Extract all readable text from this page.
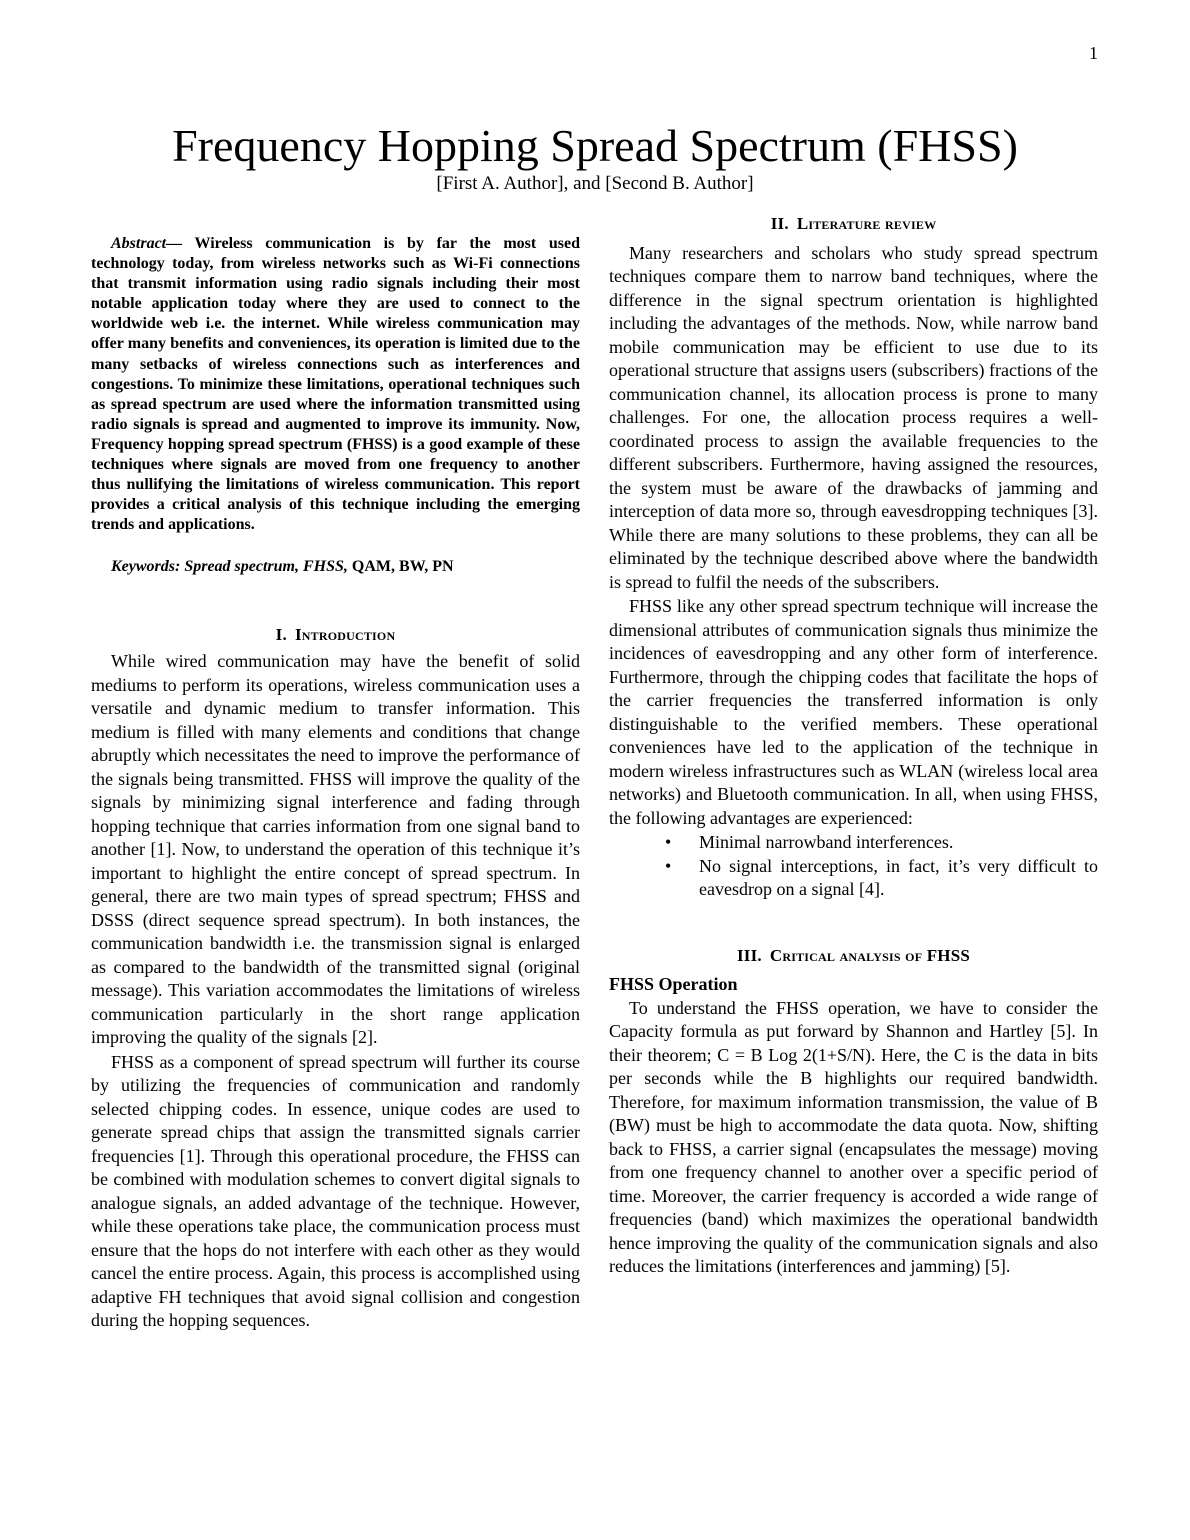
1
Frequency Hopping Spread Spectrum (FHSS)
[First A. Author], and [Second B. Author]

Abstract— Wireless communication is by far the most used technology today, from wireless networks such as Wi-Fi connections that transmit information using radio signals including their most notable application today where they are used to connect to the worldwide web i.e. the internet. While wireless communication may offer many benefits and conveniences, its operation is limited due to the many setbacks of wireless connections such as interferences and congestions. To minimize these limitations, operational techniques such as spread spectrum are used where the information transmitted using radio signals is spread and augmented to improve its immunity. Now, Frequency hopping spread spectrum (FHSS) is a good example of these techniques where signals are moved from one frequency to another thus nullifying the limitations of wireless communication. This report provides a critical analysis of this technique including the emerging trends and applications.

Keywords: Spread spectrum, FHSS, QAM, BW, PN

I. Introduction

While wired communication may have the benefit of solid mediums to perform its operations, wireless communication uses a versatile and dynamic medium to transfer information. This medium is filled with many elements and conditions that change abruptly which necessitates the need to improve the performance of the signals being transmitted. FHSS will improve the quality of the signals by minimizing signal interference and fading through hopping technique that carries information from one signal band to another [1]. Now, to understand the operation of this technique it’s important to highlight the entire concept of spread spectrum. In general, there are two main types of spread spectrum; FHSS and DSSS (direct sequence spread spectrum). In both instances, the communication bandwidth i.e. the transmission signal is enlarged as compared to the bandwidth of the transmitted signal (original message). This variation accommodates the limitations of wireless communication particularly in the short range application improving the quality of the signals [2].

FHSS as a component of spread spectrum will further its course by utilizing the frequencies of communication and randomly selected chipping codes. In essence, unique codes are used to generate spread chips that assign the transmitted signals carrier frequencies [1]. Through this operational procedure, the FHSS can be combined with modulation schemes to convert digital signals to analogue signals, an added advantage of the technique. However, while these operations take place, the communication process must ensure that the hops do not interfere with each other as they would cancel the entire process. Again, this process is accomplished using adaptive FH techniques that avoid signal collision and congestion during the hopping sequences.

II. Literature review

Many researchers and scholars who study spread spectrum techniques compare them to narrow band techniques, where the difference in the signal spectrum orientation is highlighted including the advantages of the methods. Now, while narrow band mobile communication may be efficient to use due to its operational structure that assigns users (subscribers) fractions of the communication channel, its allocation process is prone to many challenges. For one, the allocation process requires a well-coordinated process to assign the available frequencies to the different subscribers. Furthermore, having assigned the resources, the system must be aware of the drawbacks of jamming and interception of data more so, through eavesdropping techniques [3]. While there are many solutions to these problems, they can all be eliminated by the technique described above where the bandwidth is spread to fulfil the needs of the subscribers.

FHSS like any other spread spectrum technique will increase the dimensional attributes of communication signals thus minimize the incidences of eavesdropping and any other form of interference. Furthermore, through the chipping codes that facilitate the hops of the carrier frequencies the transferred information is only distinguishable to the verified members. These operational conveniences have led to the application of the technique in modern wireless infrastructures such as WLAN (wireless local area networks) and Bluetooth communication. In all, when using FHSS, the following advantages are experienced:

• Minimal narrowband interferences.
• No signal interceptions, in fact, it’s very difficult to eavesdrop on a signal [4].
III. Critical analysis of FHSS

FHSS Operation

To understand the FHSS operation, we have to consider the Capacity formula as put forward by Shannon and Hartley [5]. In their theorem; C = B Log 2(1+S/N). Here, the C is the data in bits per seconds while the B highlights our required bandwidth. Therefore, for maximum information transmission, the value of B (BW) must be high to accommodate the data quota. Now, shifting back to FHSS, a carrier signal (encapsulates the message) moving from one frequency channel to another over a specific period of time. Moreover, the carrier frequency is accorded a wide range of frequencies (band) which maximizes the operational bandwidth hence improving the quality of the communication signals and also reduces the limitations (interferences and jamming) [5].
